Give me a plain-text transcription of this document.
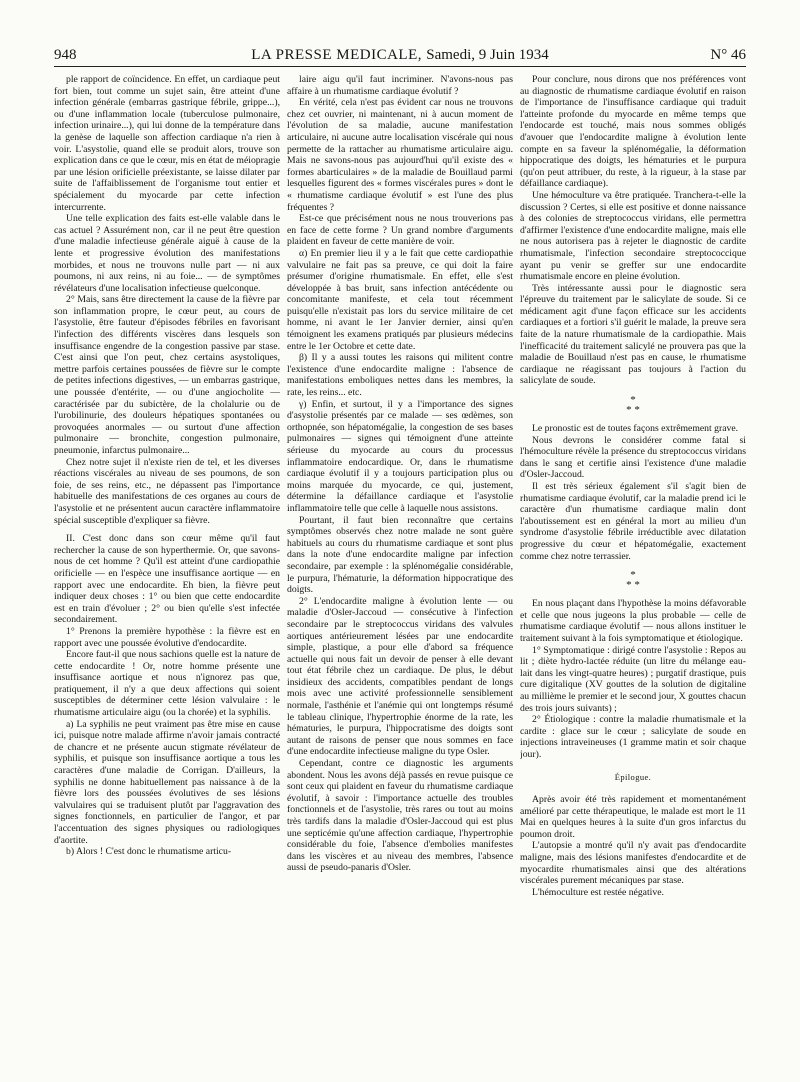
948	LA PRESSE MEDICALE, Samedi, 9 Juin 1934	N° 46

ple rapport de coïncidence. En effet, un cardiaque peut fort bien, tout comme un sujet sain, être atteint d'une infection générale (embarras gastrique fébrile, grippe...), ou d'une inflammation locale (tuberculose pulmonaire, infection urinaire...), qui lui donne de la température dans la genèse de laquelle son affection cardiaque n'a rien à voir. L'asystolie, quand elle se produit alors, trouve son explication dans ce que le cœur, mis en état de méiopragie par une lésion orificielle préexistante, se laisse dilater par suite de l'affaiblissement de l'organisme tout entier et spécialement du myocarde par cette infection intercurrente.

Une telle explication des faits est-elle valable dans le cas actuel ? Assurément non, car il ne peut être question d'une maladie infectieuse générale aiguë à cause de la lente et progressive évolution des manifestations morbides, et nous ne trouvons nulle part — ni aux poumons, ni aux reins, ni au foie... — de symptômes révélateurs d'une localisation infectieuse quelconque.

2° Mais, sans être directement la cause de la fièvre par son inflammation propre, le cœur peut, au cours de l'asystolie, être fauteur d'épisodes fébriles en favorisant l'infection des différents viscères dans lesquels son insuffisance engendre de la congestion passive par stase. C'est ainsi que l'on peut, chez certains asystoliques, mettre parfois certaines poussées de fièvre sur le compte de petites infections digestives, — un embarras gastrique, une poussée d'entérite, — ou d'une angiocholite — caractérisée par du subictère, de la cholalurie ou de l'urobilinurie, des douleurs hépatiques spontanées ou provoquées anormales — ou surtout d'une affection pulmonaire — bronchite, congestion pulmonaire, pneumonie, infarctus pulmonaire...

Chez notre sujet il n'existe rien de tel, et les diverses réactions viscérales au niveau de ses poumons, de son foie, de ses reins, etc., ne dépassent pas l'importance habituelle des manifestations de ces organes au cours de l'asystolie et ne présentent aucun caractère inflammatoire spécial susceptible d'expliquer sa fièvre.

II. C'est donc dans son cœur même qu'il faut rechercher la cause de son hyperthermie. Or, que savons-nous de cet homme ? Qu'il est atteint d'une cardiopathie orificielle — en l'espèce une insuffisance aortique — en rapport avec une endocardite. Eh bien, la fièvre peut indiquer deux choses : 1° ou bien que cette endocardite est en train d'évoluer ; 2° ou bien qu'elle s'est infectée secondairement.

1° Prenons la première hypothèse : la fièvre est en rapport avec une poussée évolutive d'endocardite.

Encore faut-il que nous sachions quelle est la nature de cette endocardite ! Or, notre homme présente une insuffisance aortique et nous n'ignorez pas que, pratiquement, il n'y a que deux affections qui soient susceptibles de déterminer cette lésion valvulaire : le rhumatisme articulaire aigu (ou la chorée) et la syphilis.

a) La syphilis ne peut vraiment pas être mise en cause ici, puisque notre malade affirme n'avoir jamais contracté de chancre et ne présente aucun stigmate révélateur de syphilis, et puisque son insuffisance aortique a tous les caractères d'une maladie de Corrigan. D'ailleurs, la syphilis ne donne habituellement pas naissance à de la fièvre lors des poussées évolutives de ses lésions valvulaires qui se traduisent plutôt par l'aggravation des signes fonctionnels, en particulier de l'angor, et par l'accentuation des signes physiques ou radiologiques d'aortite.

b) Alors ! C'est donc le rhumatisme articu-

laire aigu qu'il faut incriminer. N'avons-nous pas affaire à un rhumatisme cardiaque évolutif ?

En vérité, cela n'est pas évident car nous ne trouvons chez cet ouvrier, ni maintenant, ni à aucun moment de l'évolution de sa maladie, aucune manifestation articulaire, ni aucune autre localisation viscérale qui nous permette de la rattacher au rhumatisme articulaire aigu. Mais ne savons-nous pas aujourd'hui qu'il existe des « formes abarticulaires » de la maladie de Bouillaud parmi lesquelles figurent des « formes viscérales pures » dont le « rhumatisme cardiaque évolutif » est l'une des plus fréquentes ?

Est-ce que précisément nous ne nous trouverions pas en face de cette forme ? Un grand nombre d'arguments plaident en faveur de cette manière de voir.

α) En premier lieu il y a le fait que cette cardiopathie valvulaire ne fait pas sa preuve, ce qui doit la faire présumer d'origine rhumatismale. En effet, elle s'est développée à bas bruit, sans infection antécédente ou concomitante manifeste, et cela tout récemment puisqu'elle n'existait pas lors du service militaire de cet homme, ni avant le 1er Janvier dernier, ainsi qu'en témoignent les examens pratiqués par plusieurs médecins entre le 1er Octobre et cette date.

β) Il y a aussi toutes les raisons qui militent contre l'existence d'une endocardite maligne : l'absence de manifestations emboliques nettes dans les membres, la rate, les reins... etc.

γ) Enfin, et surtout, il y a l'importance des signes d'asystolie présentés par ce malade — ses œdèmes, son orthopnée, son hépatomégalie, la congestion de ses bases pulmonaires — signes qui témoignent d'une atteinte sérieuse du myocarde au cours du processus inflammatoire endocardique. Or, dans le rhumatisme cardiaque évolutif il y a toujours participation plus ou moins marquée du myocarde, ce qui, justement, détermine la défaillance cardiaque et l'asystolie inflammatoire telle que celle à laquelle nous assistons.

Pourtant, il faut bien reconnaître que certains symptômes observés chez notre malade ne sont guère habituels au cours du rhumatisme cardiaque et sont plus dans la note d'une endocardite maligne par infection secondaire, par exemple : la splénomégalie considérable, le purpura, l'hématurie, la déformation hippocratique des doigts.

2° L'endocardite maligne à évolution lente — ou maladie d'Osler-Jaccoud — consécutive à l'infection secondaire par le streptococcus viridans des valvules aortiques antérieurement lésées par une endocardite simple, plastique, a pour elle d'abord sa fréquence actuelle qui nous fait un devoir de penser à elle devant tout état fébrile chez un cardiaque. De plus, le début insidieux des accidents, compatibles pendant de longs mois avec une activité professionnelle sensiblement normale, l'asthénie et l'anémie qui ont longtemps résumé le tableau clinique, l'hypertrophie énorme de la rate, les hématuries, le purpura, l'hippocratisme des doigts sont autant de raisons de penser que nous sommes en face d'une endocardite infectieuse maligne du type Osler.

Cependant, contre ce diagnostic les arguments abondent. Nous les avons déjà passés en revue puisque ce sont ceux qui plaident en faveur du rhumatisme cardiaque évolutif, à savoir : l'importance actuelle des troubles fonctionnels et de l'asystolie, très rares ou tout au moins très tardifs dans la maladie d'Osler-Jaccoud qui est plus une septicémie qu'une affection cardiaque, l'hypertrophie considérable du foie, l'absence d'embolies manifestes dans les viscères et au niveau des membres, l'absence aussi de pseudo-panaris d'Osler.

Pour conclure, nous dirons que nos préférences vont au diagnostic de rhumatisme cardiaque évolutif en raison de l'importance de l'insuffisance cardiaque qui traduit l'atteinte profonde du myocarde en même temps que l'endocarde est touché, mais nous sommes obligés d'avouer que l'endocardite maligne à évolution lente compte en sa faveur la splénomégalie, la déformation hippocratique des doigts, les hématuries et le purpura (qu'on peut attribuer, du reste, à la rigueur, à la stase par défaillance cardiaque).

Une hémoculture va être pratiquée. Tranchera-t-elle la discussion ? Certes, si elle est positive et donne naissance à des colonies de streptococcus viridans, elle permettra d'affirmer l'existence d'une endocardite maligne, mais elle ne nous autorisera pas à rejeter le diagnostic de cardite rhumatismale, l'infection secondaire streptococcique ayant pu venir se greffer sur une endocardite rhumatismale encore en pleine évolution.

Très intéressante aussi pour le diagnostic sera l'épreuve du traitement par le salicylate de soude. Si ce médicament agit d'une façon efficace sur les accidents cardiaques et a fortiori s'il guérit le malade, la preuve sera faite de la nature rhumatismale de la cardiopathie. Mais l'inefficacité du traitement salicylé ne prouvera pas que la maladie de Bouillaud n'est pas en cause, le rhumatisme cardiaque ne réagissant pas toujours à l'action du salicylate de soude.

*
* *

Le pronostic est de toutes façons extrêmement grave.

Nous devrons le considérer comme fatal si l'hémoculture révèle la présence du streptococcus viridans dans le sang et certifie ainsi l'existence d'une maladie d'Osler-Jaccoud.

Il est très sérieux également s'il s'agit bien de rhumatisme cardiaque évolutif, car la maladie prend ici le caractère d'un rhumatisme cardiaque malin dont l'aboutissement est en général la mort au milieu d'un syndrome d'asystolie fébrile irréductible avec dilatation progressive du cœur et hépatomégalie, exactement comme chez notre terrassier.

*
* *

En nous plaçant dans l'hypothèse la moins défavorable et celle que nous jugeons la plus probable — celle de rhumatisme cardiaque évolutif — nous allons instituer le traitement suivant à la fois symptomatique et étiologique.

1° Symptomatique : dirigé contre l'asystolie : Repos au lit ; diète hydro-lactée réduite (un litre du mélange eau-lait dans les vingt-quatre heures) ; purgatif drastique, puis cure digitalique (XV gouttes de la solution de digitaline au millième le premier et le second jour, X gouttes chacun des trois jours suivants) ;

2° Étiologique : contre la maladie rhumatismale et la cardite : glace sur le cœur ; salicylate de soude en injections intraveineuses (1 gramme matin et soir chaque jour).

Épilogue.

Après avoir été très rapidement et momentanément amélioré par cette thérapeutique, le malade est mort le 11 Mai en quelques heures à la suite d'un gros infarctus du poumon droit.

L'autopsie a montré qu'il n'y avait pas d'endocardite maligne, mais des lésions manifestes d'endocardite et de myocardite rhumatismales ainsi que des altérations viscérales purement mécaniques par stase.

L'hémoculture est restée négative.
